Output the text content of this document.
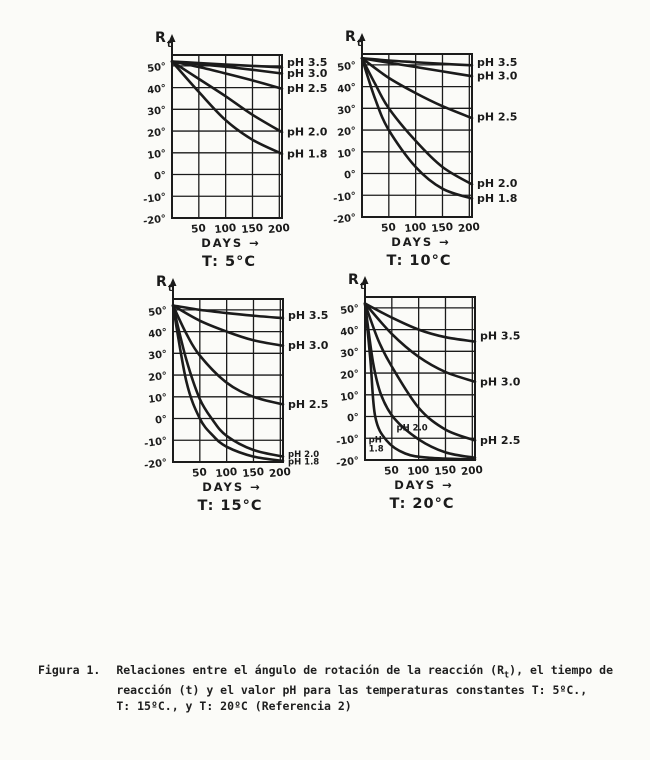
R t
50°
40°
30°
20°
10°
0°
-10°
-20°
50 100 150 200
DAYS →
T: 5°C
pH 3.5
pH 3.0
pH 2.5
pH 2.0
pH 1.8
R t
50°
40°
30°
20°
10°
0°
-10°
-20°
50 100 150 200
DAYS →
T: 10°C
pH 3.5
pH 3.0
pH 2.5
pH 2.0
pH 1.8
R t
50°
40°
30°
20°
10°
0°
-10°
-20°
50 100 150 200
DAYS →
T: 15°C
pH 3.5
pH 3.0
pH 2.5
pH 2.0
pH 1.8
R t
50°
40°
30°
20°
10°
0°
-10°
-20°
50 100 150 200
DAYS →
T: 20°C
pH 3.5
pH 3.0
pH 2.5
pH 2.0
pH
1.8
Figura 1. Relaciones entre el ángulo de rotación de la reacción $(R_t)$, el tiempo de
reacción (t) y el valor pH para las temperaturas constantes T: 5ºC.,
T: 15ºC., y T: 20ºC (Referencia 2)
